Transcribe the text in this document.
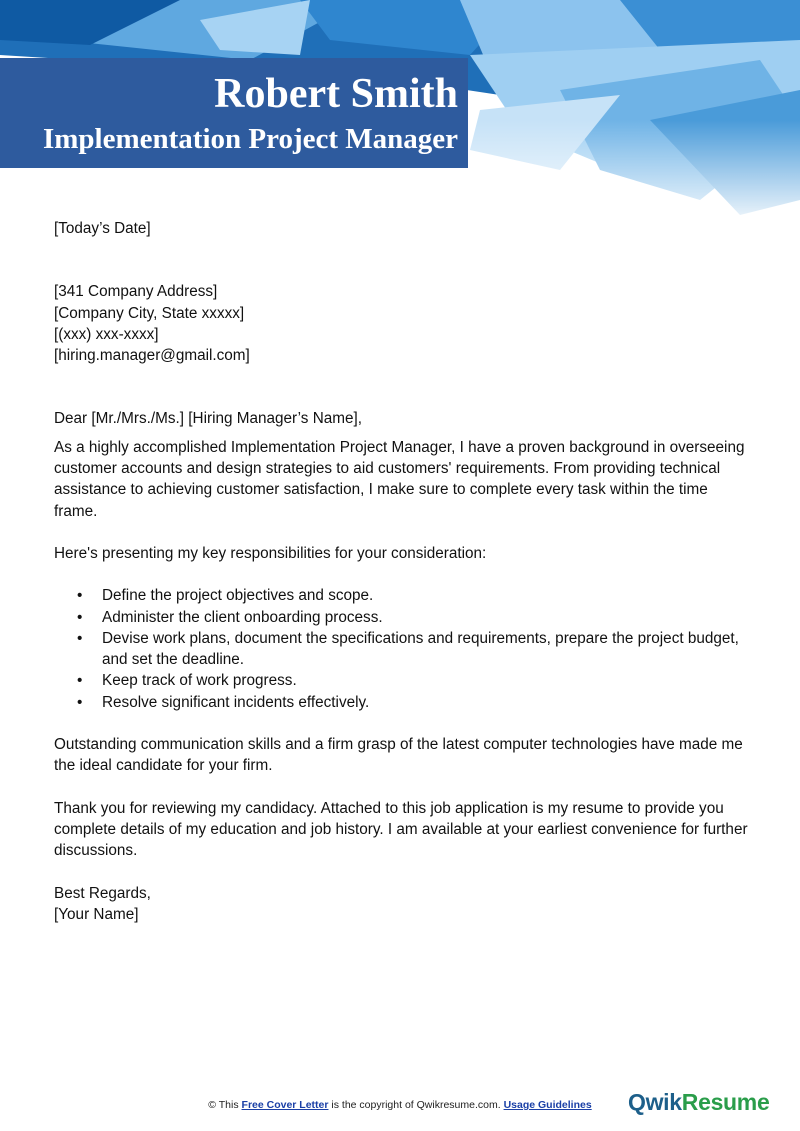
Robert Smith
Implementation Project Manager

[Today’s Date]

[341 Company Address]

[Company City, State xxxxx]

[(xxx) xxx-xxxx]

[hiring.manager@gmail.com]

Dear [Mr./Mrs./Ms.] [Hiring Manager’s Name],

As a highly accomplished Implementation Project Manager, I have a proven background in overseeing customer accounts and design strategies to aid customers' requirements. From providing technical assistance to achieving customer satisfaction, I make sure to complete every task within the time frame.

Here's presenting my key responsibilities for your consideration:

• Define the project objectives and scope.
• Administer the client onboarding process.
• Devise work plans, document the specifications and requirements, prepare the project budget, and set the deadline.
• Keep track of work progress.
• Resolve significant incidents effectively.

Outstanding communication skills and a firm grasp of the latest computer technologies have made me the ideal candidate for your firm.

Thank you for reviewing my candidacy. Attached to this job application is my resume to provide you complete details of my education and job history. I am available at your earliest convenience for further discussions.

Best Regards,

[Your Name]

© This Free Cover Letter is the copyright of Qwikresume.com. Usage Guidelines	QwikResume
